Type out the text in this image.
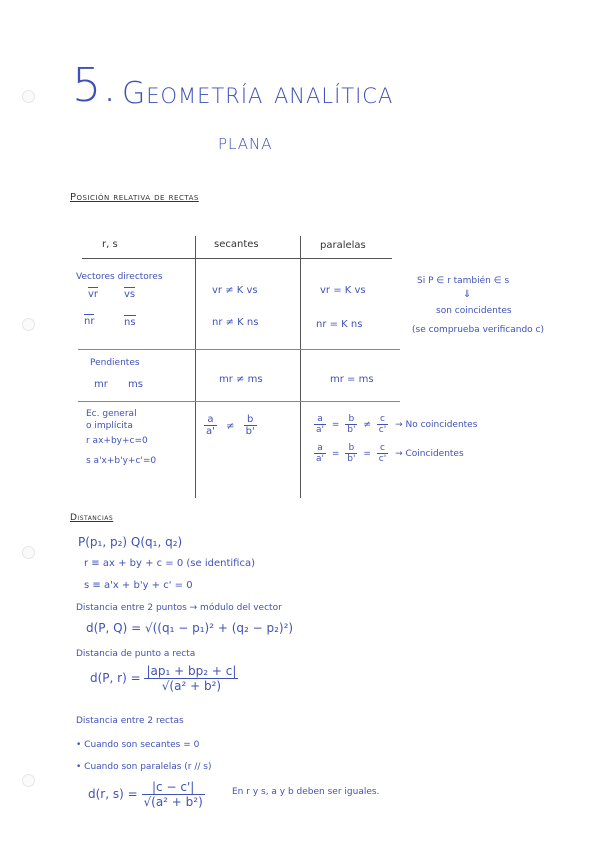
5. Geometría analítica
plana
Posición relativa de rectas
r, s	secantes	paralelas
Vectores directores
vr	vs	vr ≠ K vs	vr = K vs
nr	ns	nr ≠ K ns	nr = K ns
Si P ∈ r también ∈ s
⇓
son coincidentes
(se comprueba verificando c)
Pendientes
mr ms	mr ≠ ms	mr = ms
Ec. general
o implícita
r ax+by+c=0
s a'x+b'y+c'=0
$\frac{a}{a'} \ne \frac{b}{b'}$	$\frac{a}{a'} = \frac{b}{b'} \ne \frac{c}{c'} \to No$ coincidentes
$\frac{a}{a'} = \frac{b}{b'} = \frac{c}{c'}$ → Coincidentes
Distancias
P(p₁, p₂) Q(q₁, q₂)
r ≡ ax + by + c = 0 (se identifica)
s ≡ a'x + b'y + c' = 0
Distancia entre 2 puntos → módulo del vector
d(P, Q) = √((q₁ − p₁)² + (q₂ − p₂)²)
Distancia de punto a recta
d(P, $r) = \frac{\text{|ap₁ + bp₂ + c|}}{\text{√(a² + b²)}}$
Distancia entre 2 rectas
• Cuando son secantes = 0
• Cuando son paralelas (r // s)
d(r, $s) = \frac{|c - c'|}{\text{√(a² + b²)}}$	En r y s, a y b deben ser iguales.
